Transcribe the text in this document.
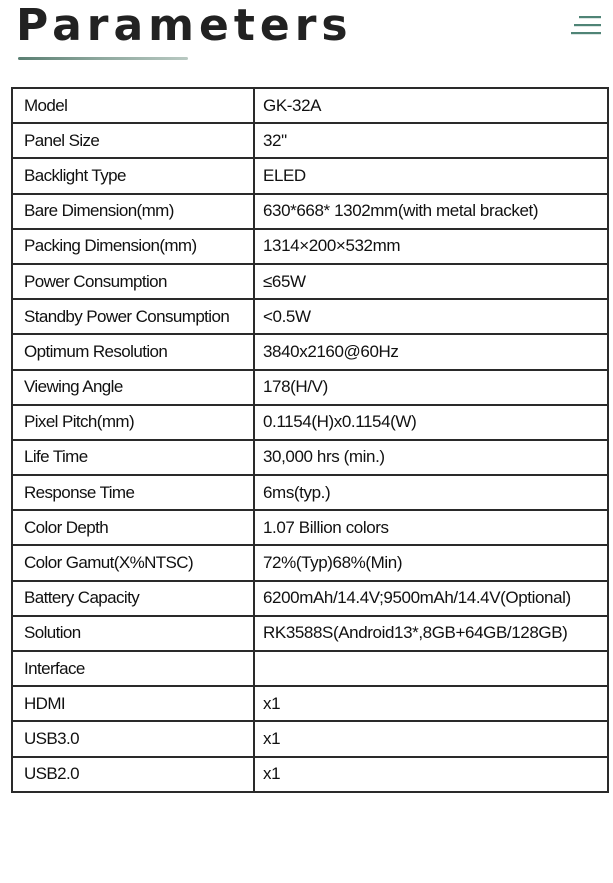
Parameters
Model	GK-32A
Panel Size	32"
Backlight Type	ELED
Bare Dimension(mm)	630*668* 1302mm(with metal bracket)
Packing Dimension(mm)	1314×200×532mm
Power Consumption	≤65W
Standby Power Consumption	<0.5W
Optimum Resolution	3840x2160@60Hz
Viewing Angle	178(H/V)
Pixel Pitch(mm)	0.1154(H)x0.1154(W)
Life Time	30,000 hrs (min.)
Response Time	6ms(typ.)
Color Depth	1.07 Billion colors
Color Gamut(X%NTSC)	72%(Typ)68%(Min)
Battery Capacity	6200mAh/14.4V;9500mAh/14.4V(Optional)
Solution	RK3588S(Android13*,8GB+64GB/128GB)
Interface	
HDMI	x1
USB3.0	x1
USB2.0	x1
